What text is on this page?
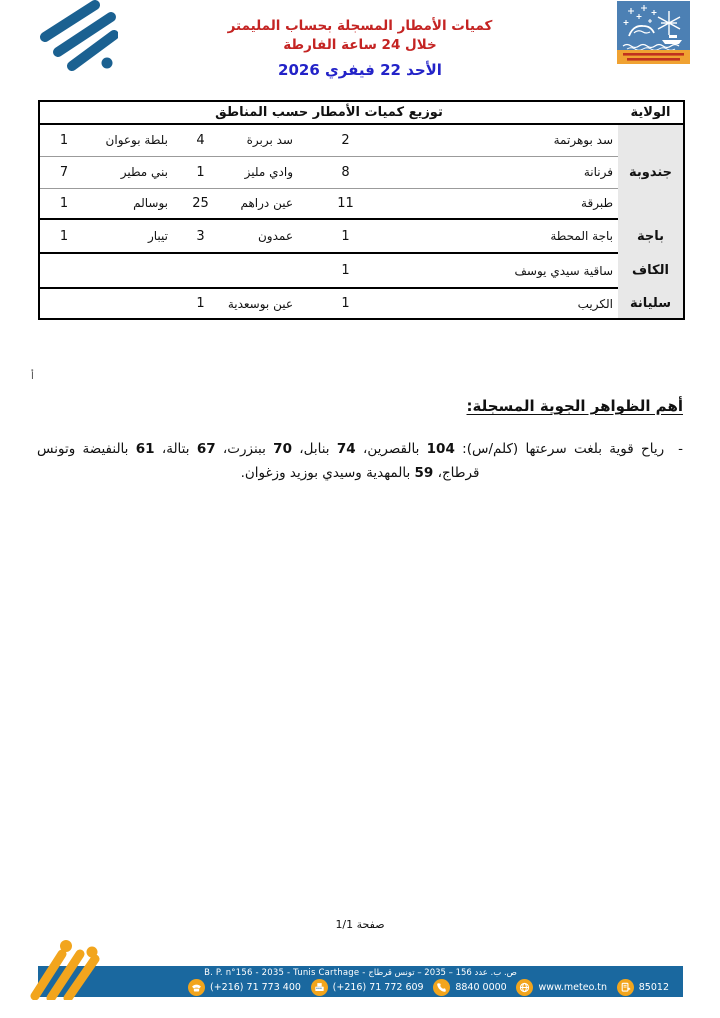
كميات الأمطار المسجلة بحساب المليمتر
خلال 24 ساعة الفارطة
الأحد 22 فيفري 2026
الولاية	توزيع كميات الأمطار حسب المناطق					
جندوبة	سد بوهرتمة	2	سد بربرة	4	بلطة بوعوان	1
	فرنانة	8	وادي مليز	1	بني مطير	7
	طبرقة	11	عين دراهم	25	بوسالم	1
باجة	باجة المحطة	1	عمدون	3	تيبار	1
الكاف	ساقية سيدي يوسف	1				
سليانة	الكريب	1	عين بوسعدية	1		
أ
أهم الظواهر الجوية المسجلة:
-رياح قوية بلغت سرعتها (كلم/س): 104 بالقصرين، 74 بنابل، 70 ببنزرت، 67 بتالة، 61 بالنفيضة وتونس
قرطاج، 59 بالمهدية وسيدي بوزيد وزغوان.
صفحة 1/1
B. P. n°156 - 2035 - Tunis Carthage - ص. ب. عدد 156 – 2035 – تونس قرطاج
(+216) 71 773 400	(+216) 71 772 609	8840 0000	www.meteo.tn	85012
